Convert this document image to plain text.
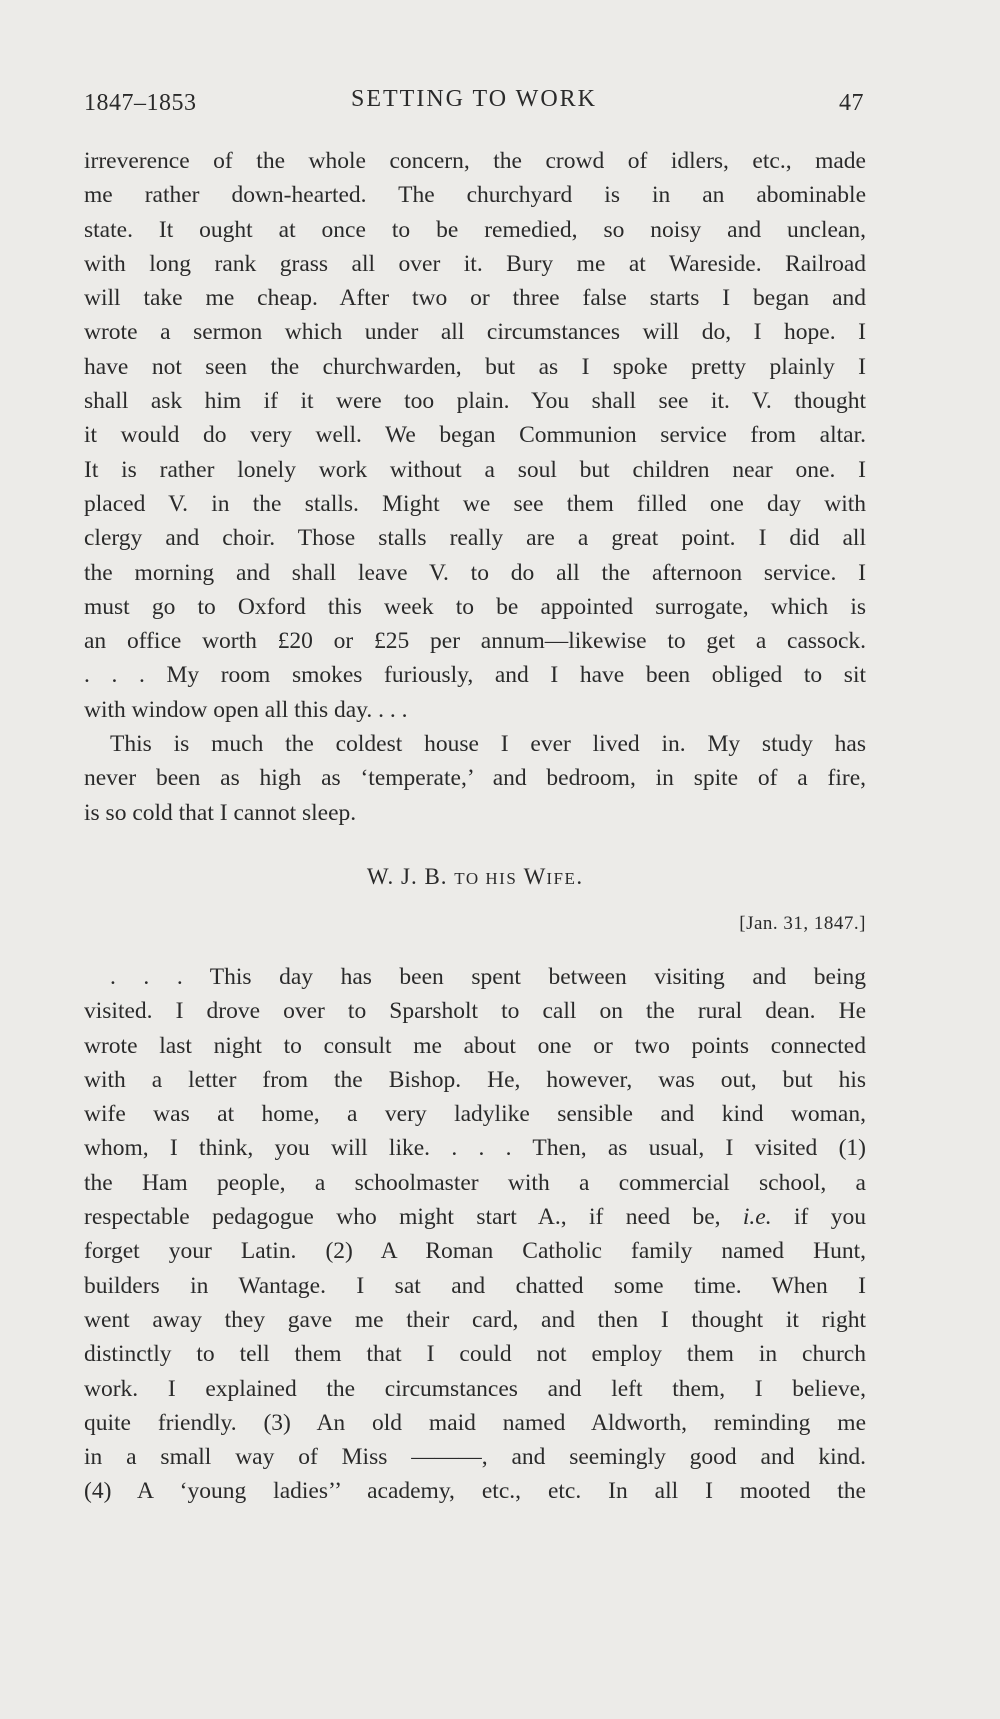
1847–1853	SETTING TO WORK	47
irreverence of the whole concern, the crowd of idlers, etc., made
me rather down-hearted. The churchyard is in an abominable
state. It ought at once to be remedied, so noisy and unclean,
with long rank grass all over it. Bury me at Wareside. Railroad
will take me cheap. After two or three false starts I began and
wrote a sermon which under all circumstances will do, I hope. I
have not seen the churchwarden, but as I spoke pretty plainly I
shall ask him if it were too plain. You shall see it. V. thought
it would do very well. We began Communion service from altar.
It is rather lonely work without a soul but children near one. I
placed V. in the stalls. Might we see them filled one day with
clergy and choir. Those stalls really are a great point. I did all
the morning and shall leave V. to do all the afternoon service. I
must go to Oxford this week to be appointed surrogate, which is
an office worth £20 or £25 per annum—likewise to get a cassock.
. . . My room smokes furiously, and I have been obliged to sit
with window open all this day. . . .
This is much the coldest house I ever lived in. My study has
never been as high as ‘temperate,’ and bedroom, in spite of a fire,
is so cold that I cannot sleep.
W. J. B. TO HIS WIFE.
[Jan. 31, 1847.]
. . . This day has been spent between visiting and being
visited. I drove over to Sparsholt to call on the rural dean. He
wrote last night to consult me about one or two points connected
with a letter from the Bishop. He, however, was out, but his
wife was at home, a very ladylike sensible and kind woman,
whom, I think, you will like. . . . Then, as usual, I visited (1)
the Ham people, a schoolmaster with a commercial school, a
respectable pedagogue who might start A., if need be, i.e. if you
forget your Latin. (2) A Roman Catholic family named Hunt,
builders in Wantage. I sat and chatted some time. When I
went away they gave me their card, and then I thought it right
distinctly to tell them that I could not employ them in church
work. I explained the circumstances and left them, I believe,
quite friendly. (3) An old maid named Aldworth, reminding me
in a small way of Miss ———, and seemingly good and kind.
(4) A ‘young ladies’’ academy, etc., etc. In all I mooted the
